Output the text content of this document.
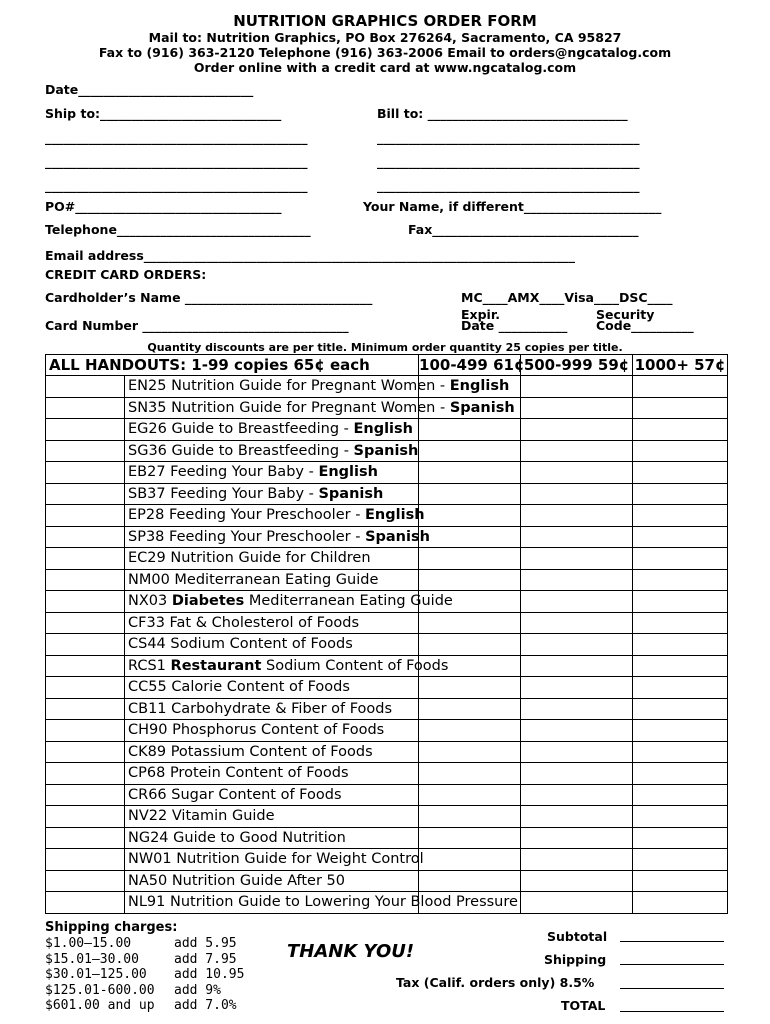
NUTRITION GRAPHICS ORDER FORM
Mail to: Nutrition Graphics, PO Box 276264, Sacramento, CA 95827
Fax to (916) 363-2120 Telephone (916) 363-2006 Email to orders@ngcatalog.com
Order online with a credit card at www.ngcatalog.com
Date____________________________
Ship to:_____________________________	Bill to: ________________________________
__________________________________________	__________________________________________
__________________________________________	__________________________________________
__________________________________________	__________________________________________
PO#_________________________________	Your Name, if different______________________
Telephone_______________________________	Fax_________________________________
Email address_____________________________________________________________________
CREDIT CARD ORDERS:
Cardholder’s Name ______________________________	MC____AMX____Visa____DSC____
Expir.	Security
Card Number _________________________________	Date ___________ Code__________
Quantity discounts are per title. Minimum order quantity 25 copies per title.
ALL HANDOUTS: 1-99 copies 65¢ each		100-499 61¢	500-999 59¢	1000+ 57¢
	EN25 Nutrition Guide for Pregnant Women - English			
	SN35 Nutrition Guide for Pregnant Women - Spanish			
	EG26 Guide to Breastfeeding - English			
	SG36 Guide to Breastfeeding - Spanish			
	EB27 Feeding Your Baby - English			
	SB37 Feeding Your Baby - Spanish			
	EP28 Feeding Your Preschooler - English			
	SP38 Feeding Your Preschooler - Spanish			
	EC29 Nutrition Guide for Children			
	NM00 Mediterranean Eating Guide			
	NX03 Diabetes Mediterranean Eating Guide			
	CF33 Fat & Cholesterol of Foods			
	CS44 Sodium Content of Foods			
	RCS1 Restaurant Sodium Content of Foods			
	CC55 Calorie Content of Foods			
	CB11 Carbohydrate & Fiber of Foods			
	CH90 Phosphorus Content of Foods			
	CK89 Potassium Content of Foods			
	CP68 Protein Content of Foods			
	CR66 Sugar Content of Foods			
	NV22 Vitamin Guide			
	NG24 Guide to Good Nutrition			
	NW01 Nutrition Guide for Weight Control			
	NA50 Nutrition Guide After 50			
	NL91 Nutrition Guide to Lowering Your Blood Pressure			
Shipping charges:
$1.00–15.00	add 5.95
$15.01–30.00	add 7.95
$30.01–125.00 add 10.95
$125.01-600.00 add 9%
$601.00 and up add 7.0%
THANK YOU!
Subtotal
Shipping
Tax (Calif. orders only) 8.5%
TOTAL
